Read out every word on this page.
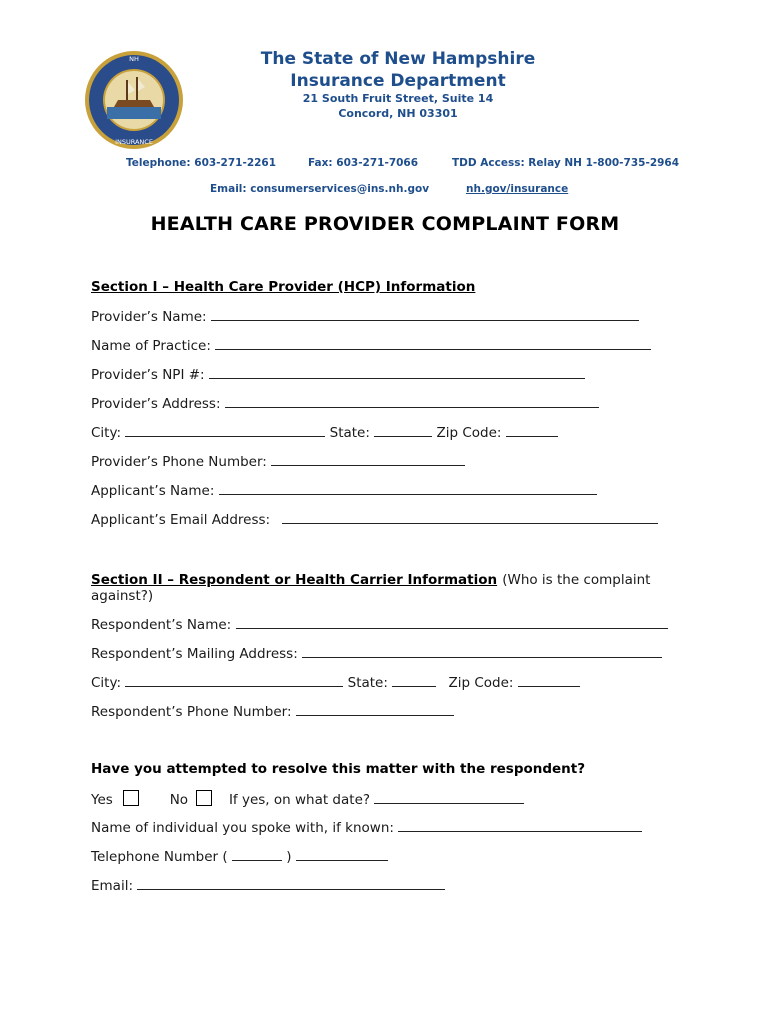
NH
INSURANCE
The State of New Hampshire
Insurance Department
21 South Fruit Street, Suite 14
Concord, NH 03301
Telephone: 603-271-2261	Fax: 603-271-7066	TDD Access: Relay NH 1-800-735-2964
Email: consumerservices@ins.nh.gov	nh.gov/insurance
HEALTH CARE PROVIDER COMPLAINT FORM
Section I – Health Care Provider (HCP) Information
Provider’s Name:
Name of Practice:
Provider’s NPI #:
Provider’s Address:
City:	State:	Zip Code:
Provider’s Phone Number:
Applicant’s Name:
Applicant’s Email Address:
Section II – Respondent or Health Carrier Information (Who is the complaint
against?)
Respondent’s Name:
Respondent’s Mailing Address:
City:	State:	Zip Code:
Respondent’s Phone Number:
Have you attempted to resolve this matter with the respondent?
Yes	No	If yes, on what date?
Name of individual you spoke with, if known:
Telephone Number (	)
Email:
